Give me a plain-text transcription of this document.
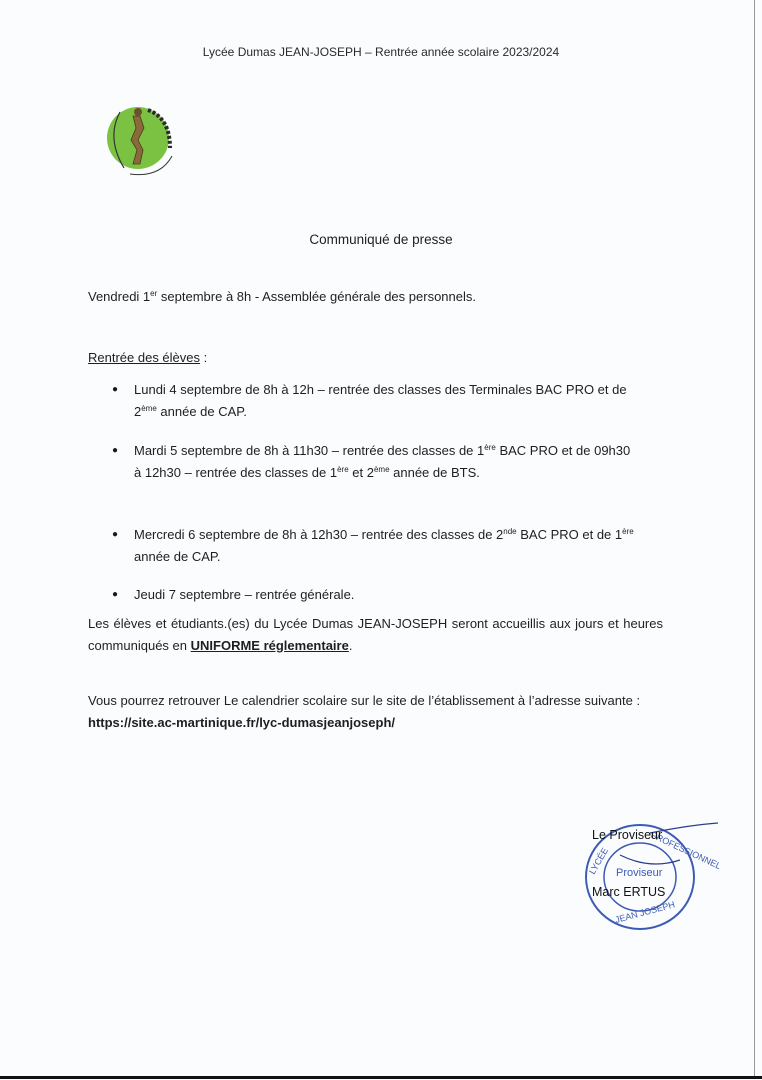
Lycée Dumas JEAN-JOSEPH – Rentrée année scolaire 2023/2024
Communiqué de presse
Vendredi 1er septembre à 8h - Assemblée générale des personnels.
Rentrée des élèves :
●	Lundi 4 septembre de 8h à 12h – rentrée des classes des Terminales BAC PRO et de
2ème année de CAP.
●	Mardi 5 septembre de 8h à 11h30 – rentrée des classes de 1ère BAC PRO et de 09h30
à 12h30 – rentrée des classes de 1ère et 2ème année de BTS.
●	Mercredi 6 septembre de 8h à 12h30 – rentrée des classes de 2nde BAC PRO et de 1ère
année de CAP.
●	Jeudi 7 septembre – rentrée générale.
Les élèves et étudiants.(es) du Lycée Dumas JEAN-JOSEPH seront accueillis aux jours et heures communiqués en UNIFORME réglementaire.
Vous pourrez retrouver Le calendrier scolaire sur le site de l’établissement à l’adresse suivante :
https://site.ac-martinique.fr/lyc-dumasjeanjoseph/
LYCÉE	PROFESSIONNEL
JEAN JOSEPH
Le Proviseur
Proviseur
Marc ERTUS
